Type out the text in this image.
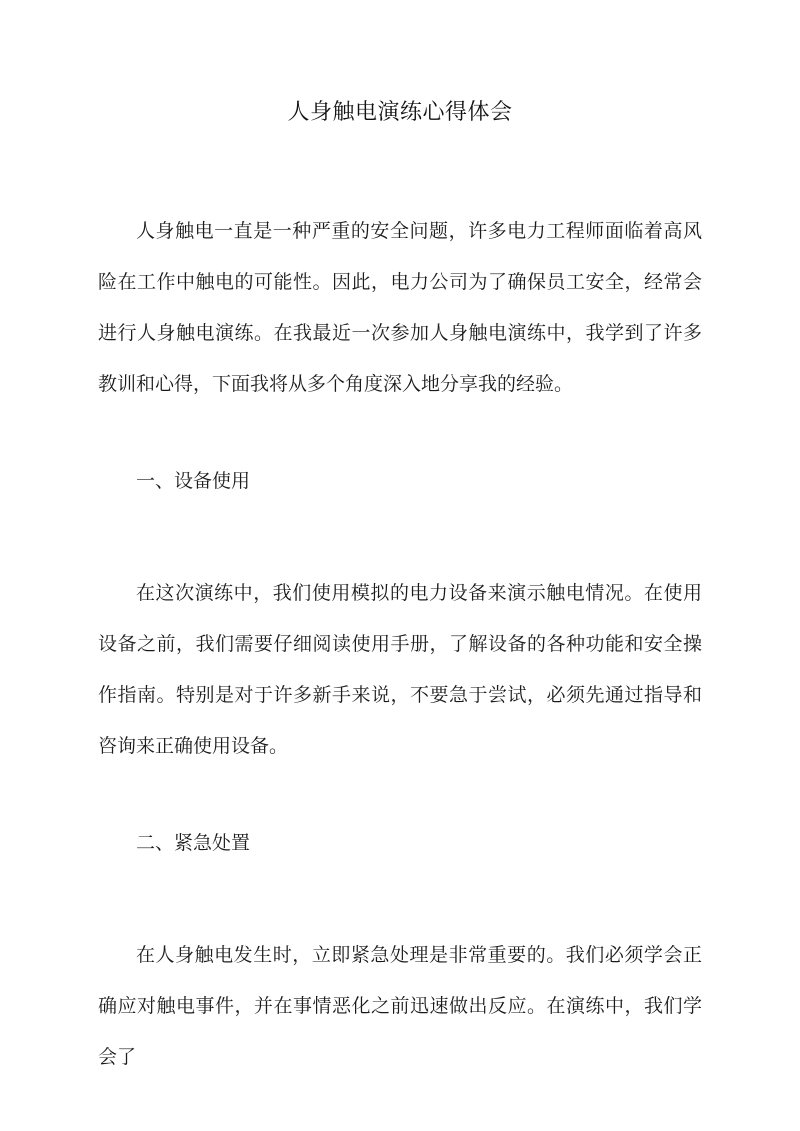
人身触电演练心得体会

人身触电一直是一种严重的安全问题，许多电力工程师面临着高风险在工作中触电的可能性。因此，电力公司为了确保员工安全，经常会进行人身触电演练。在我最近一次参加人身触电演练中，我学到了许多教训和心得，下面我将从多个角度深入地分享我的经验。

一、设备使用

在这次演练中，我们使用模拟的电力设备来演示触电情况。在使用设备之前，我们需要仔细阅读使用手册，了解设备的各种功能和安全操作指南。特别是对于许多新手来说，不要急于尝试，必须先通过指导和咨询来正确使用设备。

二、紧急处置

在人身触电发生时，立即紧急处理是非常重要的。我们必须学会正确应对触电事件，并在事情恶化之前迅速做出反应。在演练中，我们学会了
